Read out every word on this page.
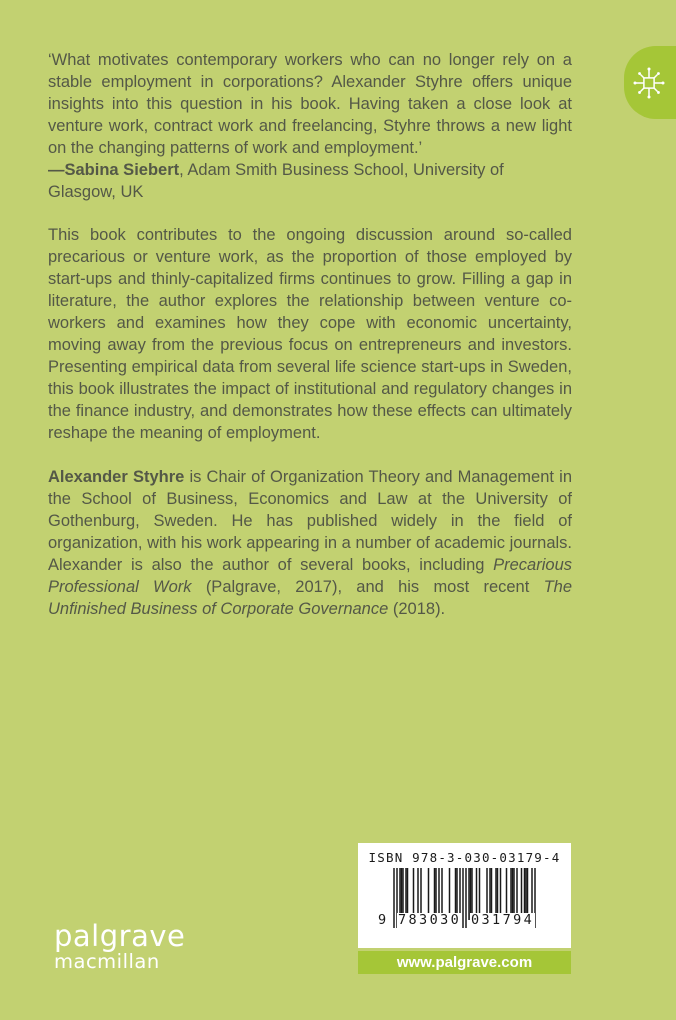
‘What motivates contemporary workers who can no longer rely on a stable employment in corporations? Alexander Styhre offers unique insights into this question in his book. Having taken a close look at venture work, contract work and freelancing, Styhre throws a new light on the changing patterns of work and employment.’

—Sabina Siebert, Adam Smith Business School, University of Glasgow, UK

This book contributes to the ongoing discussion around so-called precarious or venture work, as the proportion of those employed by start-ups and thinly-capitalized firms continues to grow. Filling a gap in literature, the author explores the relationship between venture co-workers and examines how they cope with economic uncertainty, moving away from the previous focus on entrepreneurs and investors. Presenting empirical data from several life science start-ups in Sweden, this book illustrates the impact of institutional and regulatory changes in the finance industry, and demonstrates how these effects can ultimately reshape the meaning of employment.

Alexander Styhre is Chair of Organization Theory and Management in the School of Business, Economics and Law at the University of Gothenburg, Sweden. He has published widely in the field of organization, with his work appearing in a number of academic journals. Alexander is also the author of several books, including Precarious Professional Work (Palgrave, 2017), and his most recent The Unfinished Business of Corporate Governance (2018).

ISBN 978-3-030-03179-4
9 783030 031794
www.palgrave.com
palgrave
macmillan
